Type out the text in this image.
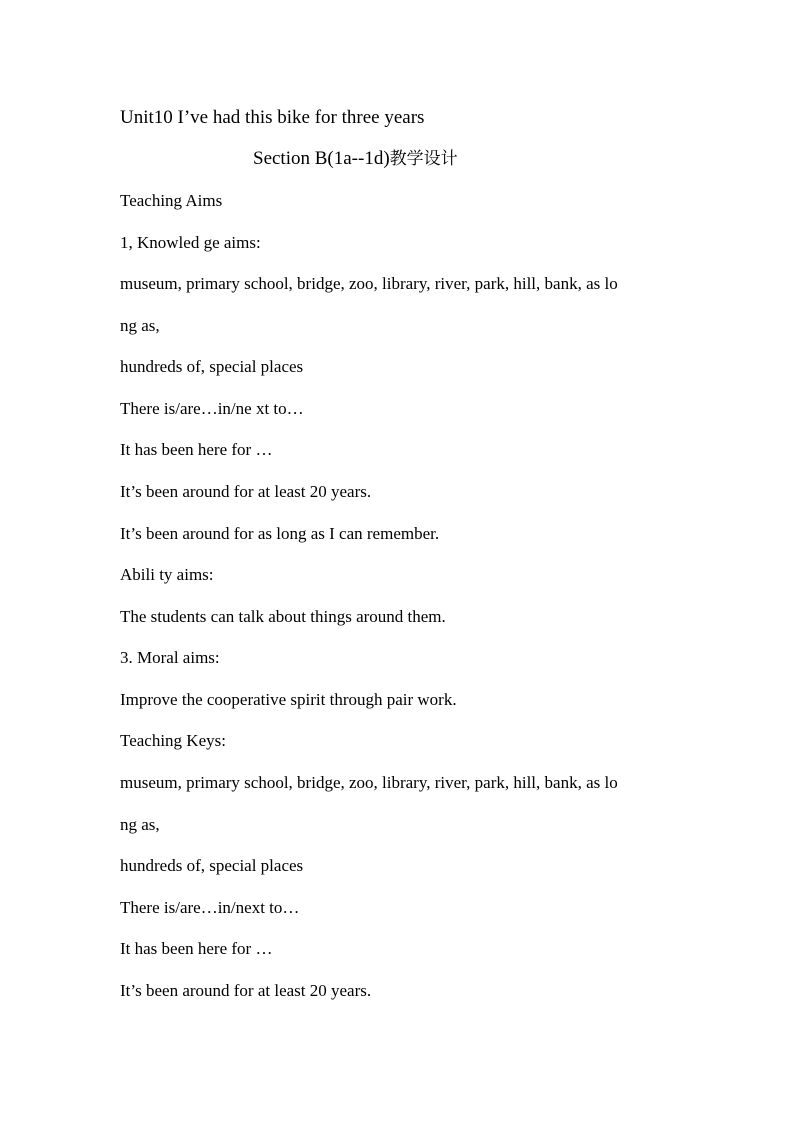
Unit10 I’ve had this bike for three years
Section B(1a--1d)教学设计
Teaching Aims
1, Knowled ge aims:
museum, primary school, bridge, zoo, library, river, park, hill, bank, as lo
ng as,
hundreds of, special places
There is/are…in/ne xt to…
It has been here for …
It’s been around for at least 20 years.
It’s been around for as long as I can remember.
Abili ty aims:
The students can talk about things around them.
3. Moral aims:
Improve the cooperative spirit through pair work.
Teaching Keys:
museum, primary school, bridge, zoo, library, river, park, hill, bank, as lo
ng as,
hundreds of, special places
There is/are…in/next to…
It has been here for …
It’s been around for at least 20 years.
